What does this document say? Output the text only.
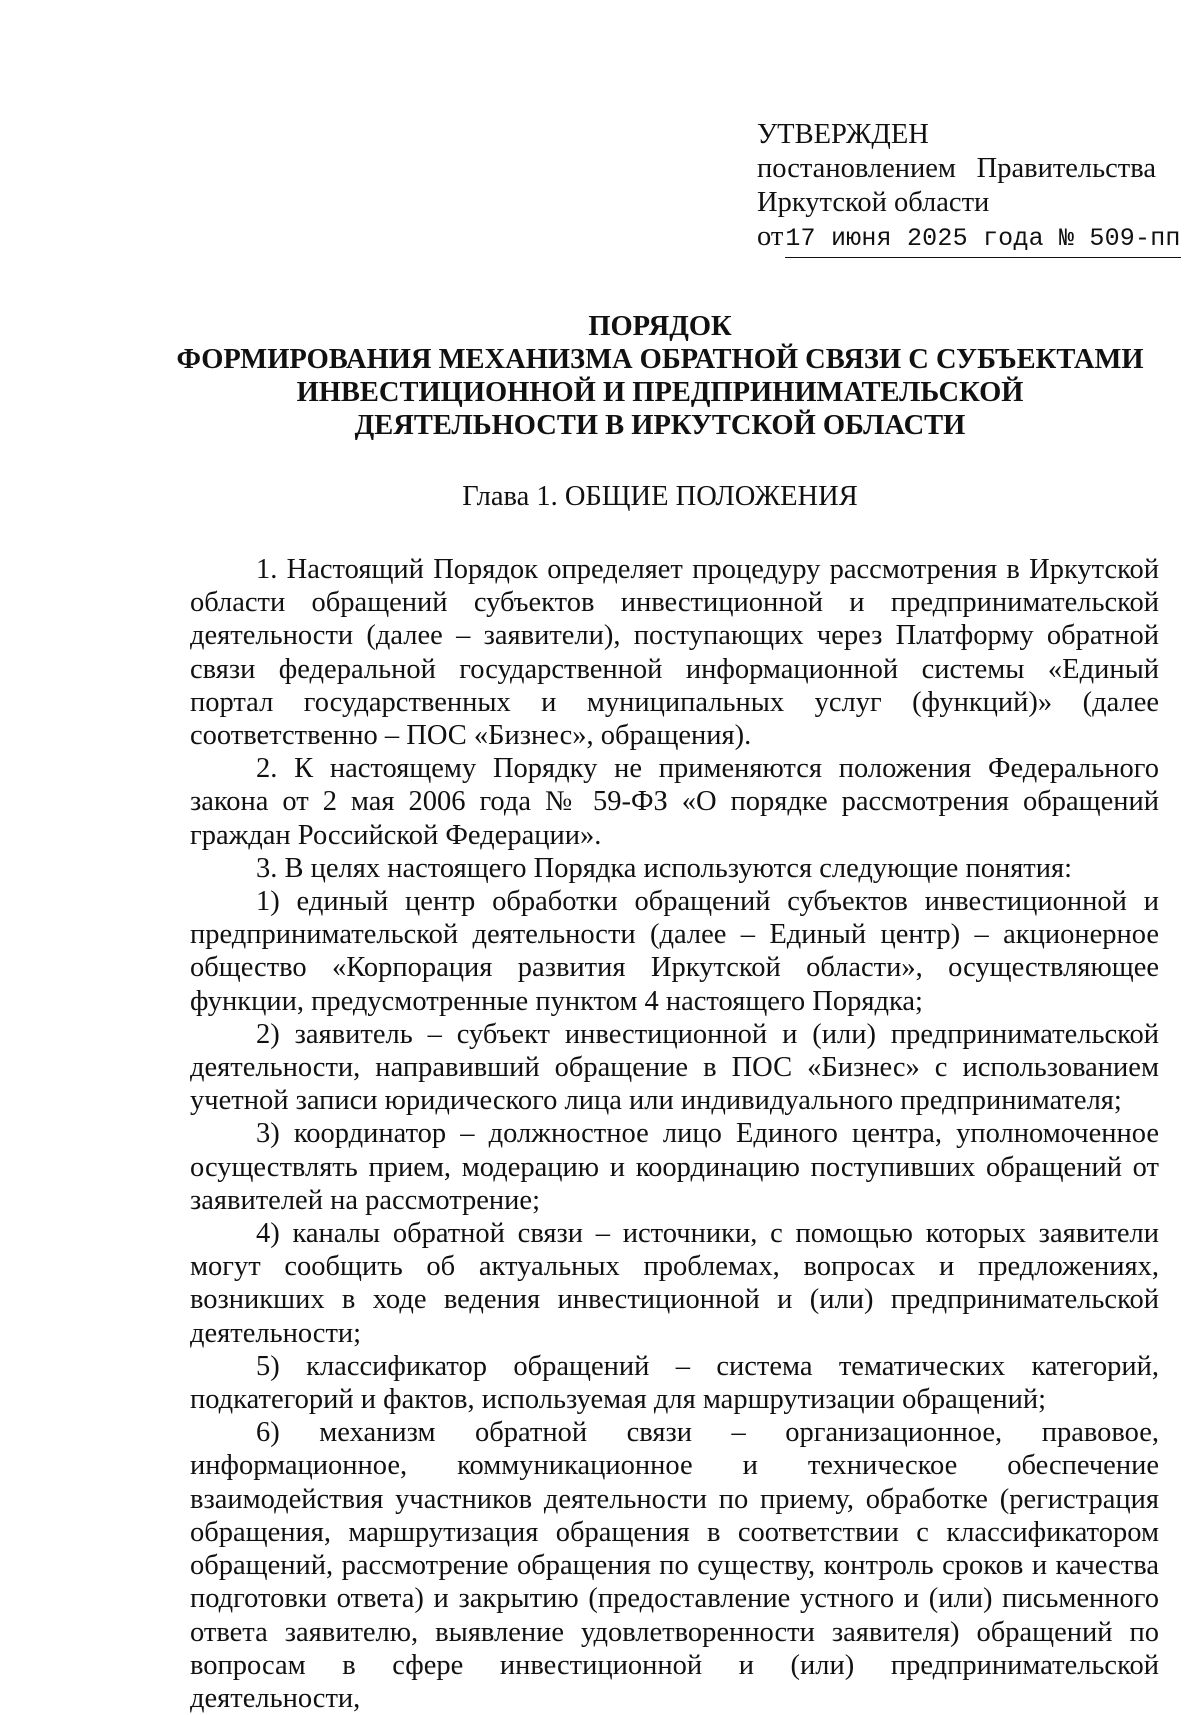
УТВЕРЖДЕН
постановлением Правительства
Иркутской области
от 17 июня 2025 года № 509-пп
ПОРЯДОК
ФОРМИРОВАНИЯ МЕХАНИЗМА ОБРАТНОЙ СВЯЗИ С СУБЪЕКТАМИ
ИНВЕСТИЦИОННОЙ И ПРЕДПРИНИМАТЕЛЬСКОЙ
ДЕЯТЕЛЬНОСТИ В ИРКУТСКОЙ ОБЛАСТИ
Глава 1. ОБЩИЕ ПОЛОЖЕНИЯ

1. Настоящий Порядок определяет процедуру рассмотрения в Иркутской области обращений субъектов инвестиционной и предпринимательской деятельности (далее – заявители), поступающих через Платформу обратной связи федеральной государственной информационной системы «Единый портал государственных и муниципальных услуг (функций)» (далее соответственно – ПОС «Бизнес», обращения).

2. К настоящему Порядку не применяются положения Федерального закона от 2 мая 2006 года № 59-ФЗ «О порядке рассмотрения обращений граждан Российской Федерации».

3. В целях настоящего Порядка используются следующие понятия:

1) единый центр обработки обращений субъектов инвестиционной и предпринимательской деятельности (далее – Единый центр) – акционерное общество «Корпорация развития Иркутской области», осуществляющее функции, предусмотренные пунктом 4 настоящего Порядка;

2) заявитель – субъект инвестиционной и (или) предпринимательской деятельности, направивший обращение в ПОС «Бизнес» с использованием учетной записи юридического лица или индивидуального предпринимателя;

3) координатор – должностное лицо Единого центра, уполномоченное осуществлять прием, модерацию и координацию поступивших обращений от заявителей на рассмотрение;

4) каналы обратной связи – источники, с помощью которых заявители могут сообщить об актуальных проблемах, вопросах и предложениях, возникших в ходе ведения инвестиционной и (или) предпринимательской деятельности;

5) классификатор обращений – система тематических категорий, подкатегорий и фактов, используемая для маршрутизации обращений;

6) механизм обратной связи – организационное, правовое, информационное, коммуникационное и техническое обеспечение взаимодействия участников деятельности по приему, обработке (регистрация обращения, маршрутизация обращения в соответствии с классификатором обращений, рассмотрение обращения по существу, контроль сроков и качества подготовки ответа) и закрытию (предоставление устного и (или) письменного ответа заявителю, выявление удовлетворенности заявителя) обращений по вопросам в сфере инвестиционной и (или) предпринимательской деятельности,
